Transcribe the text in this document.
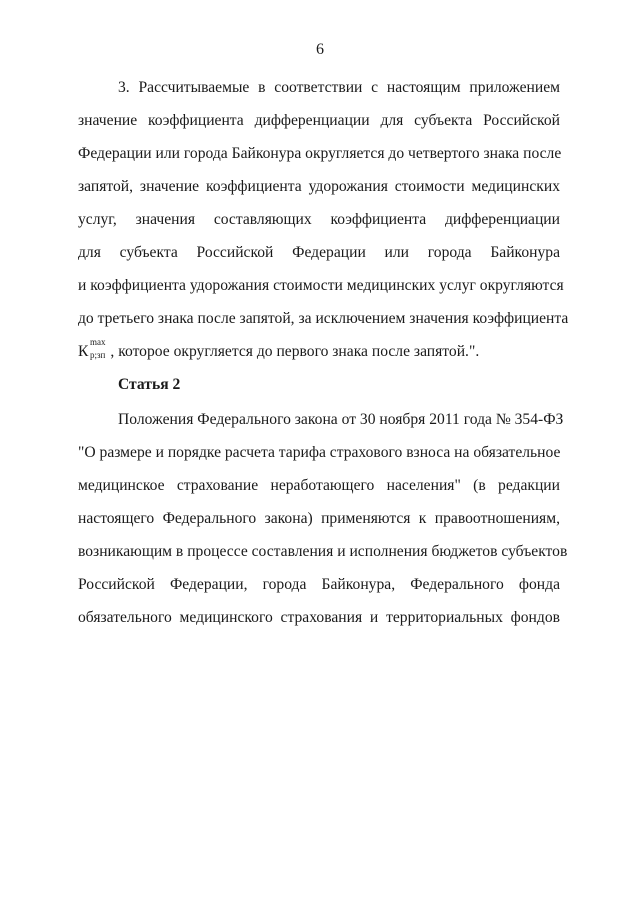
6
3. Рассчитываемые в соответствии с настоящим приложением
значение коэффициента дифференциации для субъекта Российской
Федерации или города Байконура округляется до четвертого знака после
запятой, значение коэффициента удорожания стоимости медицинских
услуг, значения составляющих коэффициента дифференциации
для субъекта Российской Федерации или города Байконура
и коэффициента удорожания стоимости медицинских услуг округляются
до третьего знака после запятой, за исключением значения коэффициента
К
max
р;зп , которое округляется до первого знака после запятой.".
Статья 2
Положения Федерального закона от 30 ноября 2011 года № 354-ФЗ
"О размере и порядке расчета тарифа страхового взноса на обязательное
медицинское страхование неработающего населения" (в редакции
настоящего Федерального закона) применяются к правоотношениям,
возникающим в процессе составления и исполнения бюджетов субъектов
Российской Федерации, города Байконура, Федерального фонда
обязательного медицинского страхования и территориальных фондов
